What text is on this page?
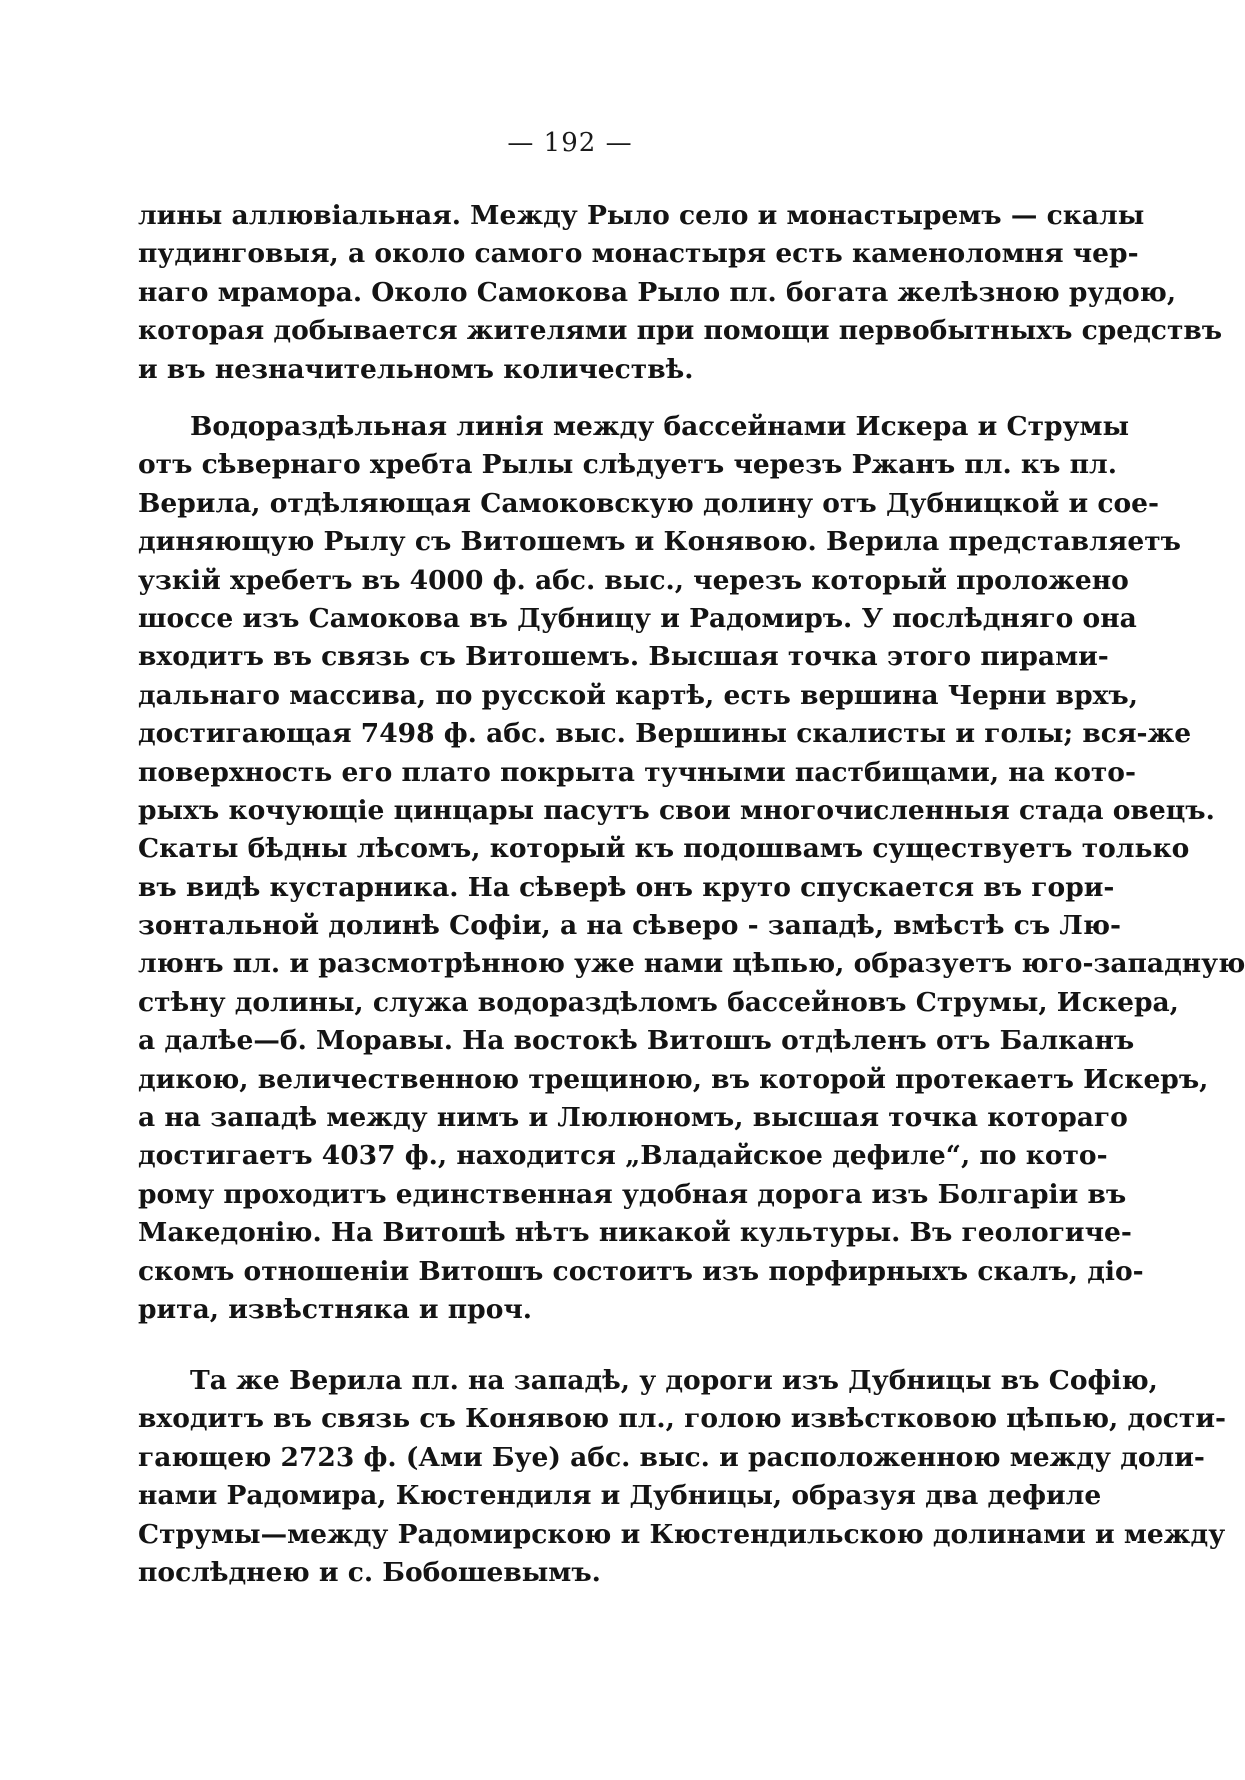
— 192 —
лины аллювіальная. Между Рыло село и монастыремъ — скалы
пудинговыя, а около самого монастыря есть каменоломня чер-
наго мрамора. Около Самокова Рыло пл. богата желѣзною рудою,
которая добывается жителями при помощи первобытныхъ средствъ
и въ незначительномъ количествѣ.
Водораздѣльная линія между бассейнами Искера и Струмы
отъ сѣвернаго хребта Рылы слѣдуетъ черезъ Ржанъ пл. къ пл.
Верила, отдѣляющая Самоковскую долину отъ Дубницкой и сое-
диняющую Рылу съ Витошемъ и Конявою. Верила представляетъ
узкій хребетъ въ 4000 ф. абс. выс., черезъ который проложено
шоссе изъ Самокова въ Дубницу и Радомиръ. У послѣдняго она
входитъ въ связь съ Витошемъ. Высшая точка этого пирами-
дальнаго массива, по русской картѣ, есть вершина Черни врхъ,
достигающая 7498 ф. абс. выс. Вершины скалисты и голы; вся-же
поверхность его плато покрыта тучными пастбищами, на кото-
рыхъ кочующіе цинцары пасутъ свои многочисленныя стада овецъ.
Скаты бѣдны лѣсомъ, который къ подошвамъ существуетъ только
въ видѣ кустарника. На сѣверѣ онъ круто спускается въ гори-
зонтальной долинѣ Софіи, а на сѣверо - западѣ, вмѣстѣ съ Лю-
люнъ пл. и разсмотрѣнною уже нами цѣпью, образуетъ юго-западную
стѣну долины, служа водораздѣломъ бассейновъ Струмы, Искера,
а далѣе—б. Моравы. На востокѣ Витошъ отдѣленъ отъ Балканъ
дикою, величественною трещиною, въ которой протекаетъ Искеръ,
а на западѣ между нимъ и Люлюномъ, высшая точка котораго
достигаетъ 4037 ф., находится „Владайское дефиле“, по кото-
рому проходитъ единственная удобная дорога изъ Болгаріи въ
Македонію. На Витошѣ нѣтъ никакой культуры. Въ геологиче-
скомъ отношеніи Витошъ состоитъ изъ порфирныхъ скалъ, діо-
рита, извѣстняка и проч.
Та же Верила пл. на западѣ, у дороги изъ Дубницы въ Софію,
входитъ въ связь съ Конявою пл., голою извѣстковою цѣпью, дости-
гающею 2723 ф. (Ами Буе) абс. выс. и расположенною между доли-
нами Радомира, Кюстендиля и Дубницы, образуя два дефиле
Струмы—между Радомирскою и Кюстендильскою долинами и между
послѣднею и с. Бобошевымъ.
